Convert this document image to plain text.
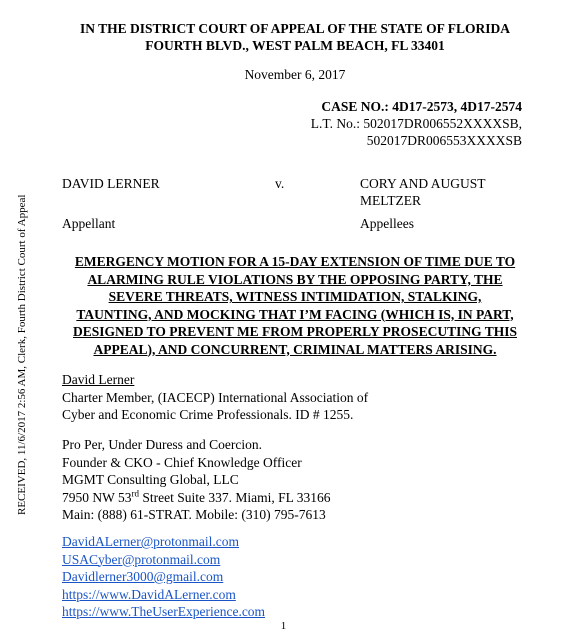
RECEIVED, 11/6/2017 2:56 AM, Clerk, Fourth District Court of Appeal
IN THE DISTRICT COURT OF APPEAL OF THE STATE OF FLORIDA
FOURTH BLVD., WEST PALM BEACH, FL 33401
November 6, 2017
CASE NO.: 4D17-2573, 4D17-2574
L.T. No.: 502017DR006552XXXXSB,
502017DR006553XXXXSB
DAVID LERNER	v.	CORY AND AUGUST
MELTZER
Appellant	Appellees
EMERGENCY MOTION FOR A 15-DAY EXTENSION OF TIME DUE TO
ALARMING RULE VIOLATIONS BY THE OPPOSING PARTY, THE
SEVERE THREATS, WITNESS INTIMIDATION, STALKING,
TAUNTING, AND MOCKING THAT I’M FACING (WHICH IS, IN PART,
DESIGNED TO PREVENT ME FROM PROPERLY PROSECUTING THIS
APPEAL), AND CONCURRENT, CRIMINAL MATTERS ARISING.
David Lerner
Charter Member, (IACECP) International Association of
Cyber and Economic Crime Professionals. ID # 1255.
Pro Per, Under Duress and Coercion.
Founder & CKO - Chief Knowledge Officer
MGMT Consulting Global, LLC
7950 NW 53rd Street Suite 337. Miami, FL 33166
Main: (888) 61-STRAT. Mobile: (310) 795-7613
DavidALerner@protonmail.com
USACyber@protonmail.com
Davidlerner3000@gmail.com
https://www.DavidALerner.com
https://www.TheUserExperience.com
1
